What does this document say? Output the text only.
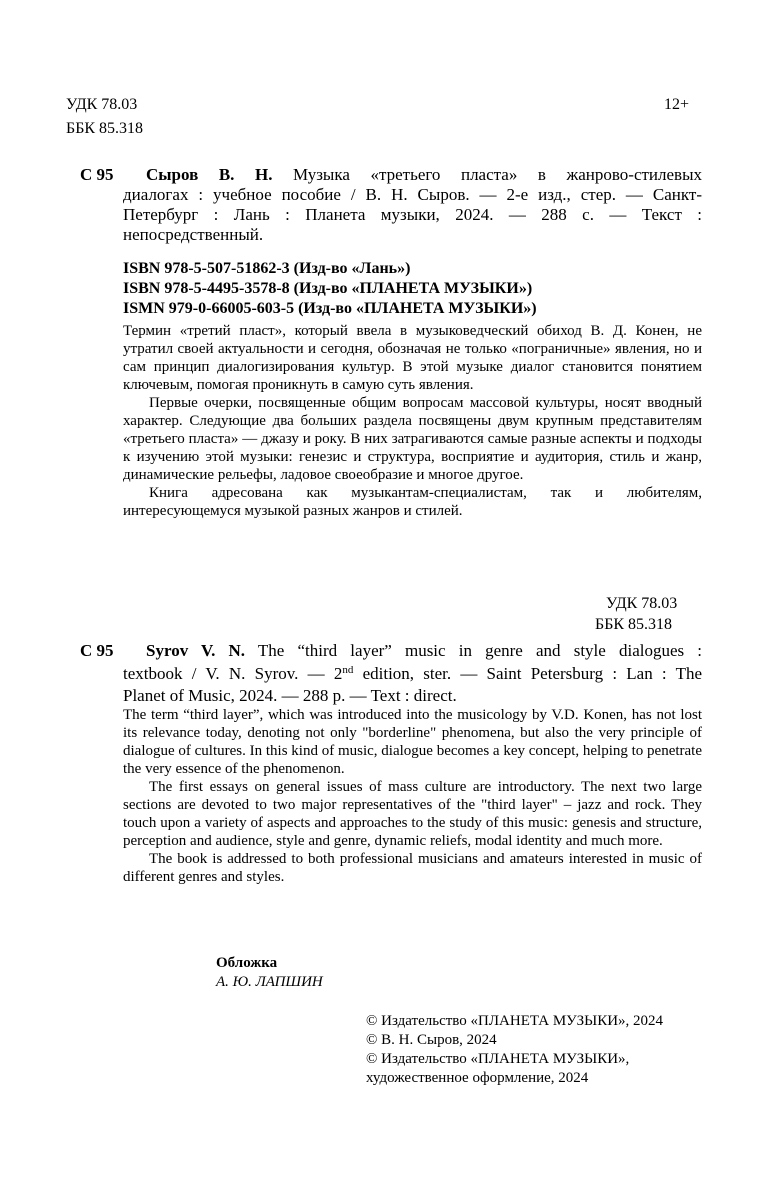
УДК 78.03
ББК 85.318
12+
С 95 Сыров В. Н. Музыка «третьего пласта» в жанрово-стилевых

диалогах : учебное пособие / В. Н. Сыров. — 2-е изд., стер. — Санкт-

Петербург : Лань : Планета музыки, 2024. — 288 с. — Текст :

непосредственный.

ISBN 978-5-507-51862-3 (Изд-во «Лань»)

ISBN 978-5-4495-3578-8 (Изд-во «ПЛАНЕТА МУЗЫКИ»)

ISMN 979-0-66005-603-5 (Изд-во «ПЛАНЕТА МУЗЫКИ»)

Термин «третий пласт», который ввела в музыковедческий обиход В. Д. Конен, не утратил своей актуальности и сегодня, обозначая не только «пограничные» явления, но и сам принцип диалогизирования культур. В этой музыке диалог становится понятием ключевым, помогая проникнуть в самую суть явления.

Первые очерки, посвященные общим вопросам массовой культуры, носят вводный характер. Следующие два больших раздела посвящены двум крупным представителям «третьего пласта» — джазу и року. В них затрагиваются самые разные аспекты и подходы к изучению этой музыки: генезис и структура, восприятие и аудитория, стиль и жанр, динамические рельефы, ладовое своеобразие и многое другое.

Книга адресована как музыкантам-специалистам, так и любителям, интересующемуся музыкой разных жанров и стилей.

УДК 78.03
ББК 85.318
С 95 Syrov V. N. The “third layer” music in genre and style dialogues :

textbook / V. N. Syrov. — 2nd edition, ster. — Saint Petersburg : Lan : The

Planet of Music, 2024. — 288 p. — Text : direct.

The term “third layer”, which was introduced into the musicology by V.D. Konen, has not lost its relevance today, denoting not only "borderline" phenomena, but also the very principle of dialogue of cultures. In this kind of music, dialogue becomes a key concept, helping to penetrate the very essence of the phenomenon.

The first essays on general issues of mass culture are introductory. The next two large sections are devoted to two major representatives of the "third layer" – jazz and rock. They touch upon a variety of aspects and approaches to the study of this music: genesis and structure, perception and audience, style and genre, dynamic reliefs, modal identity and much more.

The book is addressed to both professional musicians and amateurs interested in music of different genres and styles.

Обложка
А. Ю. ЛАПШИН

© Издательство «ПЛАНЕТА МУЗЫКИ», 2024

© В. Н. Сыров, 2024

© Издательство «ПЛАНЕТА МУЗЫКИ»,

художественное оформление, 2024
